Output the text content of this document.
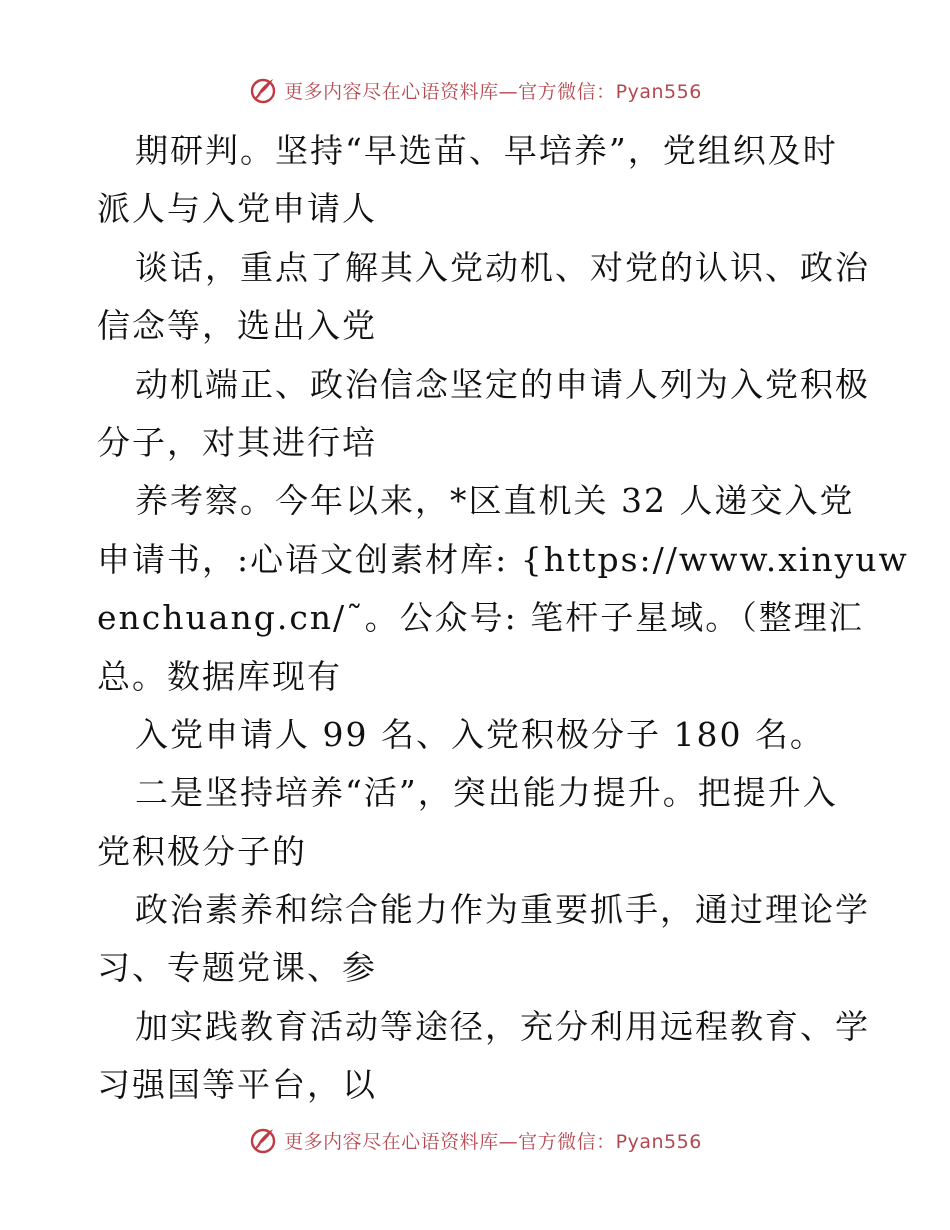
更多内容尽在心语资料库—官方微信：Pyan556
期研判。坚持“早选苗、早培养”，党组织及时
派人与入党申请人
谈话，重点了解其入党动机、对党的认识、政治
信念等，选出入党
动机端正、政治信念坚定的申请人列为入党积极
分子，对其进行培
养考察。今年以来，*区直机关 32 人递交入党
申请书，:心语文创素材库: {https://www.xinyuw
enchuang.cn/˜。公众号: 笔杆子星域。（整理汇
总。数据库现有
入党申请人 99 名、入党积极分子 180 名。
二是坚持培养“活”，突出能力提升。把提升入
党积极分子的
政治素养和综合能力作为重要抓手，通过理论学
习、专题党课、参
加实践教育活动等途径，充分利用远程教育、学
习强国等平台，以
更多内容尽在心语资料库—官方微信：Pyan556
